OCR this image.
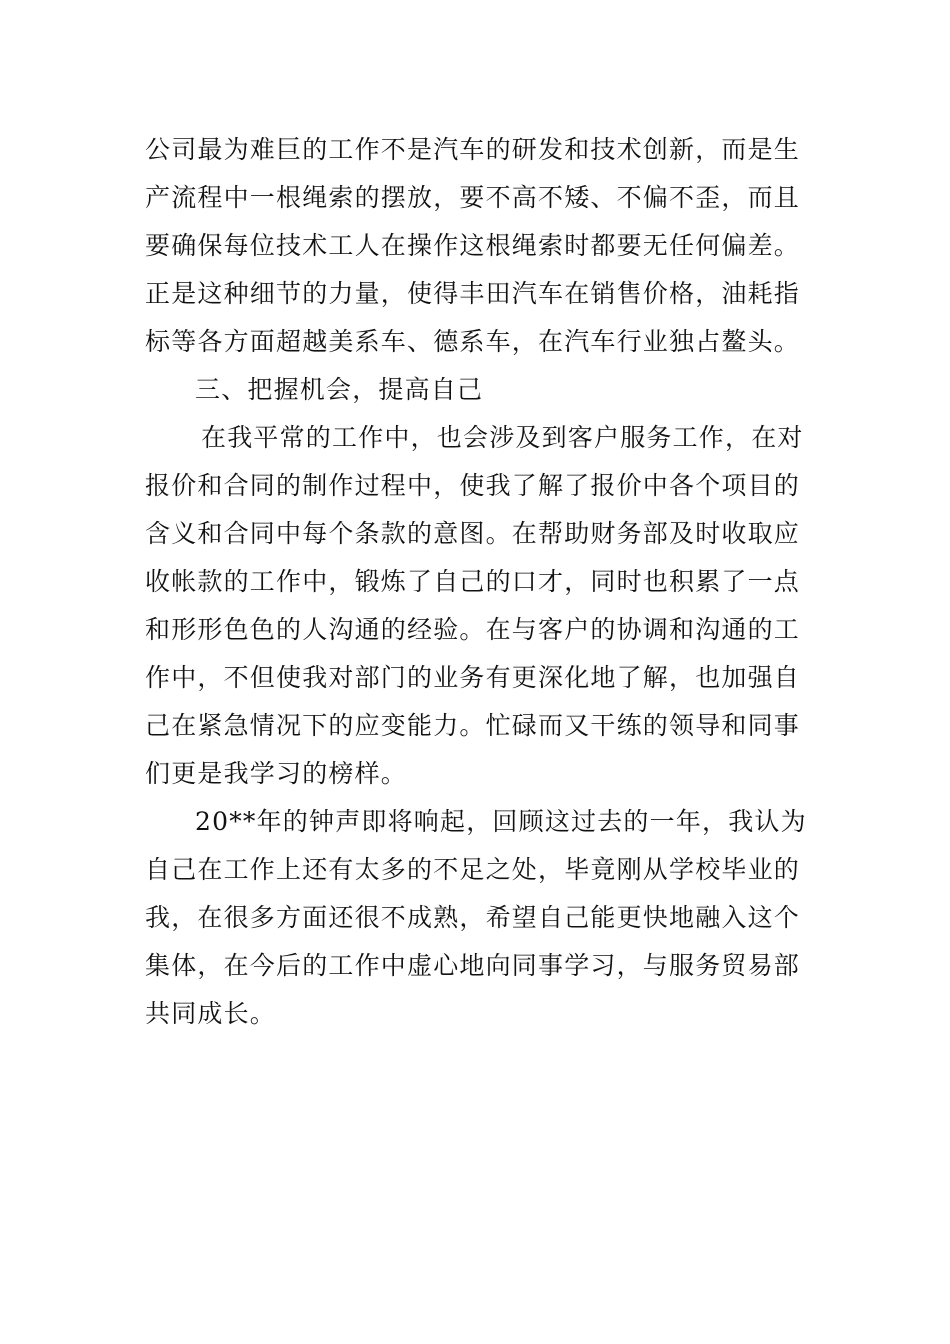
公司最为难巨的工作不是汽车的研发和技术创新，而是生产流程中一根绳索的摆放，要不高不矮、不偏不歪，而且要确保每位技术工人在操作这根绳索时都要无任何偏差。正是这种细节的力量，使得丰田汽车在销售价格，油耗指标等各方面超越美系车、德系车，在汽车行业独占鳌头。

三、把握机会，提高自己

在我平常的工作中，也会涉及到客户服务工作，在对报价和合同的制作过程中，使我了解了报价中各个项目的含义和合同中每个条款的意图。在帮助财务部及时收取应收帐款的工作中，锻炼了自己的口才，同时也积累了一点和形形色色的人沟通的经验。在与客户的协调和沟通的工作中，不但使我对部门的业务有更深化地了解，也加强自己在紧急情况下的应变能力。忙碌而又干练的领导和同事们更是我学习的榜样。

20**年的钟声即将响起，回顾这过去的一年，我认为自己在工作上还有太多的不足之处，毕竟刚从学校毕业的我，在很多方面还很不成熟，希望自己能更快地融入这个集体，在今后的工作中虚心地向同事学习，与服务贸易部共同成长。
